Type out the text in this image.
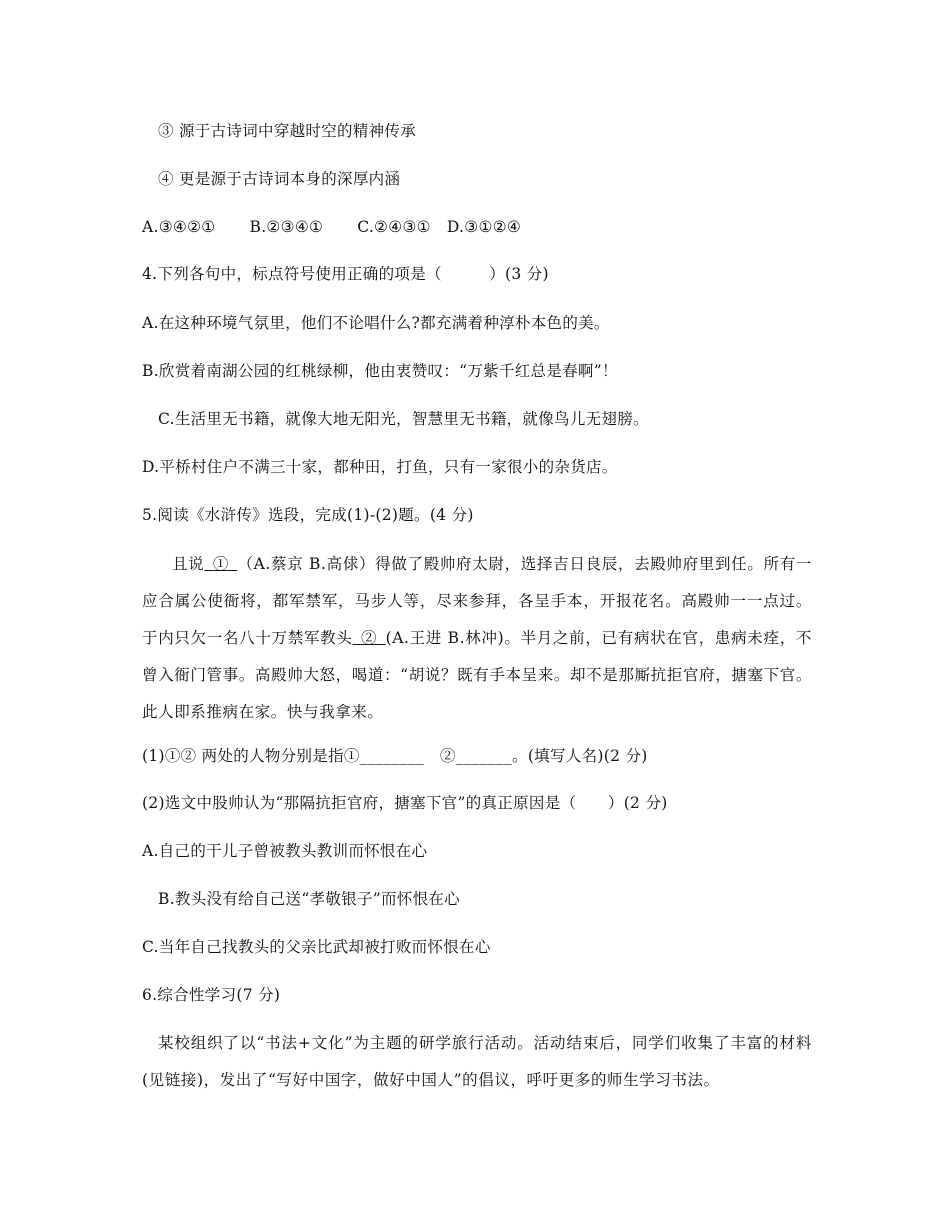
③ 源于古诗词中穿越时空的精神传承
④ 更是源于古诗词本身的深厚内涵
A.③④②① B.②③④① C.②④③① D.③①②④
4.下列各句中，标点符号使用正确的项是（　　　）(3 分)
A.在这种环境气氛里，他们不论唱什么?都充满着种淳朴本色的美。
B.欣赏着南湖公园的红桃绿柳，他由衷赞叹：“万紫千红总是春啊”！
C.生活里无书籍，就像大地无阳光，智慧里无书籍，就像鸟儿无翅膀。
D.平桥村住户不满三十家，都种田，打鱼，只有一家很小的杂货店。
5.阅读《水浒传》选段，完成(1)-(2)题。(4 分)
且说  ①  （A.蔡京 B.高俅）得做了殿帅府太尉，选择吉日良辰，去殿帅府里到任。所有一应合属公使衙将，都军禁军，马步人等，尽来参拜，各呈手本，开报花名。高殿帅一一点过。于内只欠一名八十万禁军教头  ②  (A.王进 B.林冲)。半月之前，已有病状在官，患病未痊，不曾入衙门管事。高殿帅大怒，喝道：“胡说？既有手本呈来。却不是那厮抗拒官府，搪塞下官。此人即系推病在家。快与我拿来。
(1)①② 两处的人物分别是指①________　②_______。(填写人名)(2 分)
(2)选文中股帅认为“那隔抗拒官府，搪塞下官”的真正原因是（　　）(2 分)
A.自己的干儿子曾被教头教训而怀恨在心
B.教头没有给自己送“孝敬银子”而怀恨在心
C.当年自己找教头的父亲比武却被打败而怀恨在心
6.综合性学习(7 分)
某校组织了以“书法+文化”为主题的研学旅行活动。活动结束后，同学们收集了丰富的材料(见链接)，发出了“写好中国字，做好中国人”的倡议，呼吁更多的师生学习书法。
